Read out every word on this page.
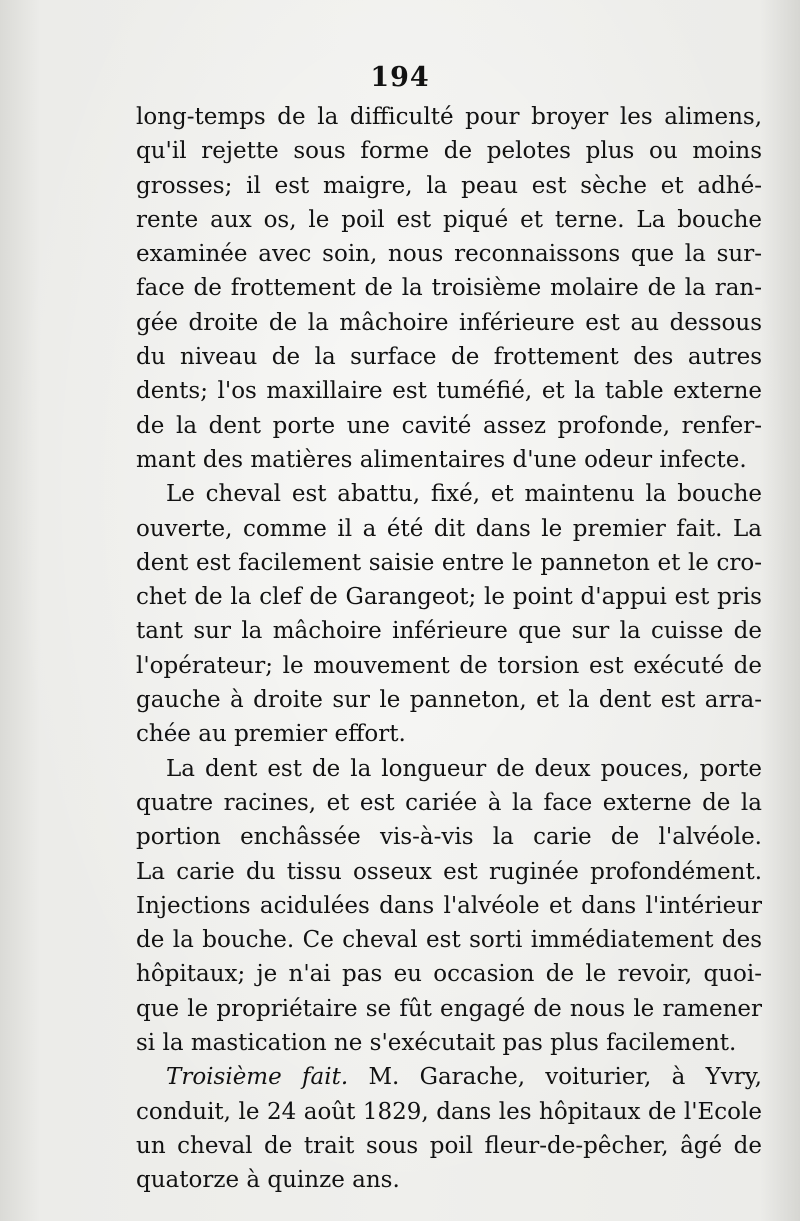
194
long-temps de la difficulté pour broyer les alimens,
qu'il rejette sous forme de pelotes plus ou moins
grosses; il est maigre, la peau est sèche et adhé-
rente aux os, le poil est piqué et terne. La bouche
examinée avec soin, nous reconnaissons que la sur-
face de frottement de la troisième molaire de la ran-
gée droite de la mâchoire inférieure est au dessous
du niveau de la surface de frottement des autres
dents; l'os maxillaire est tuméfié, et la table externe
de la dent porte une cavité assez profonde, renfer-
mant des matières alimentaires d'une odeur infecte.
Le cheval est abattu, fixé, et maintenu la bouche
ouverte, comme il a été dit dans le premier fait. La
dent est facilement saisie entre le panneton et le cro-
chet de la clef de Garangeot; le point d'appui est pris
tant sur la mâchoire inférieure que sur la cuisse de
l'opérateur; le mouvement de torsion est exécuté de
gauche à droite sur le panneton, et la dent est arra-
chée au premier effort.
La dent est de la longueur de deux pouces, porte
quatre racines, et est cariée à la face externe de la
portion enchâssée vis-à-vis la carie de l'alvéole.
La carie du tissu osseux est ruginée profondément.
Injections acidulées dans l'alvéole et dans l'intérieur
de la bouche. Ce cheval est sorti immédiatement des
hôpitaux; je n'ai pas eu occasion de le revoir, quoi-
que le propriétaire se fût engagé de nous le ramener
si la mastication ne s'exécutait pas plus facilement.
Troisième fait. M. Garache, voiturier, à Yvry,
conduit, le 24 août 1829, dans les hôpitaux de l'Ecole
un cheval de trait sous poil fleur-de-pêcher, âgé de
quatorze à quinze ans.
